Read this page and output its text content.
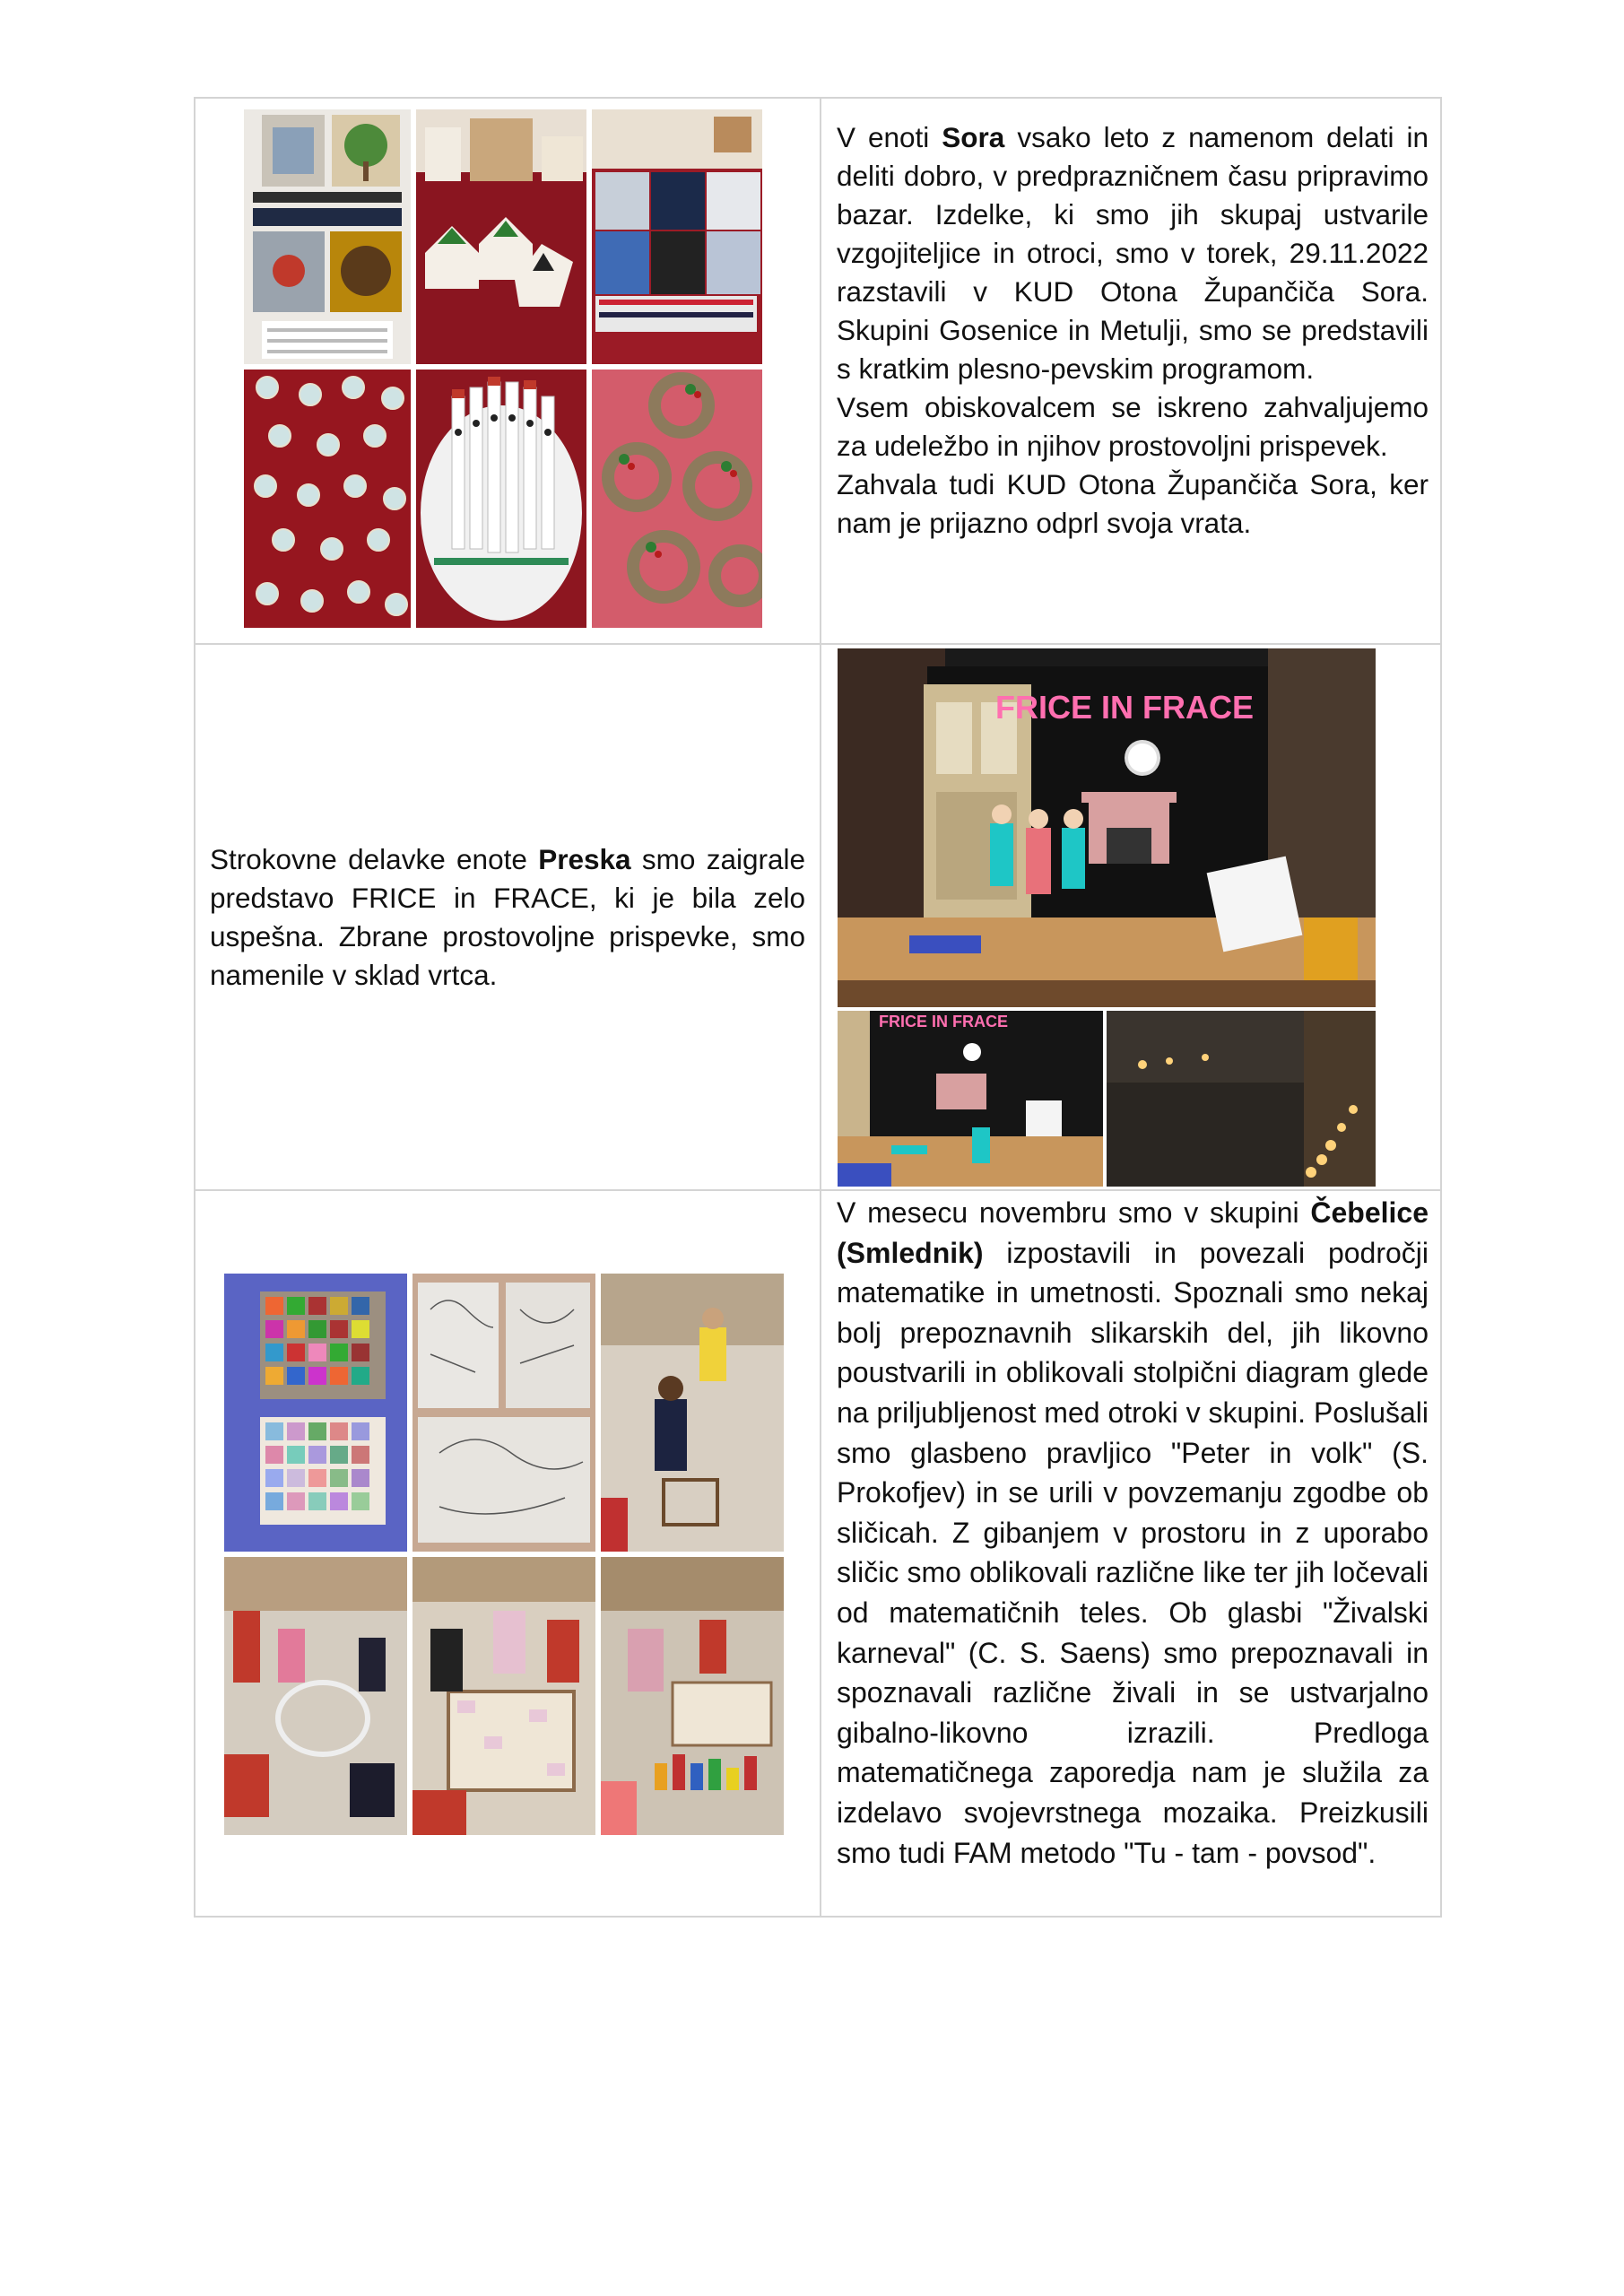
V enoti Sora vsako leto z namenom delati in deliti dobro, v predprazničnem času pripravimo bazar. Izdelke, ki smo jih skupaj ustvarile vzgojiteljice in otroci, smo v torek, 29.11.2022 razstavili v KUD Otona Župančiča Sora. Skupini Gosenice in Metulji, smo se predstavili s kratkim plesno-pevskim programom.

Vsem obiskovalcem se iskreno zahvaljujemo za udeležbo in njihov prostovoljni prispevek.

Zahvala tudi KUD Otona Župančiča Sora, ker nam je prijazno odprl svoja vrata.

Strokovne delavke enote Preska smo zaigrale predstavo FRICE in FRACE, ki je bila zelo uspešna. Zbrane prostovoljne prispevke, smo namenile v sklad vrtca.

FRICE IN FRACE
FRICE IN FRACE

V mesecu novembru smo v skupini Čebelice (Smlednik) izpostavili in povezali področji matematike in umetnosti. Spoznali smo nekaj bolj prepoznavnih slikarskih del, jih likovno poustvarili in oblikovali stolpični diagram glede na priljubljenost med otroki v skupini. Poslušali smo glasbeno pravljico "Peter in volk" (S. Prokofjev) in se urili v povzemanju zgodbe ob sličicah. Z gibanjem v prostoru in z uporabo sličic smo oblikovali različne like ter jih ločevali od matematičnih teles. Ob glasbi "Živalski karneval" (C. S. Saens) smo prepoznavali in spoznavali različne živali in se ustvarjalno gibalno-likovno izrazili. Predloga matematičnega zaporedja nam je služila za izdelavo svojevrstnega mozaika. Preizkusili smo tudi FAM metodo "Tu - tam - povsod".
